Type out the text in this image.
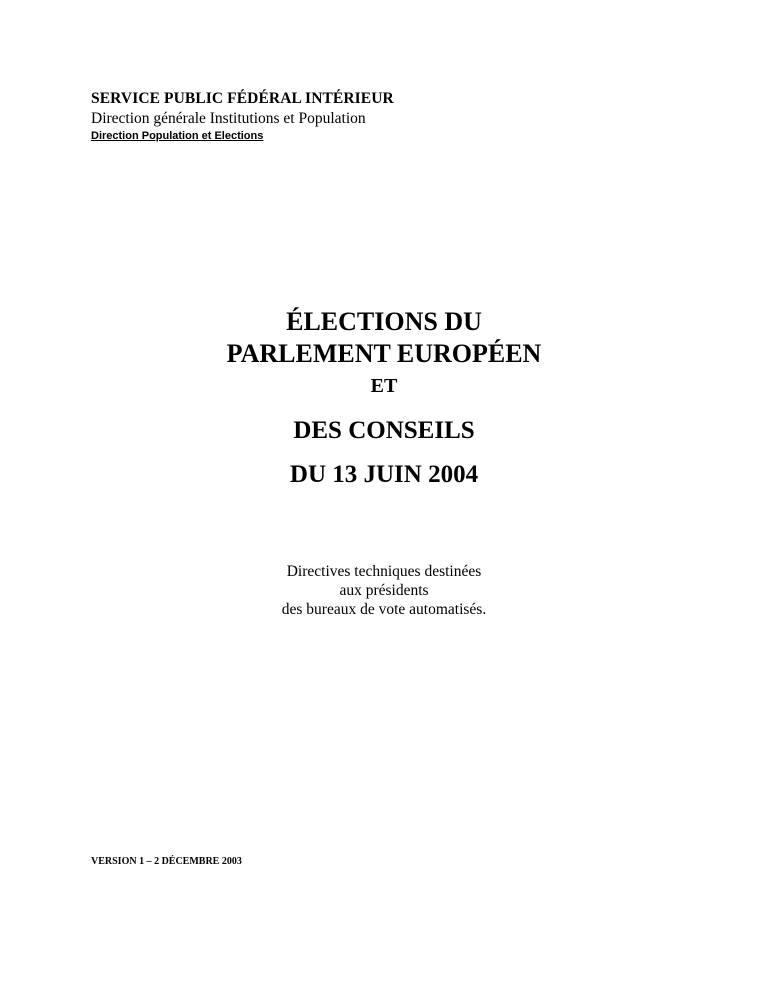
SERVICE PUBLIC FÉDÉRAL INTÉRIEUR
Direction générale Institutions et Population
Direction Population et Elections
ÉLECTIONS DU
PARLEMENT EUROPÉEN
ET
DES CONSEILS
DU 13 JUIN 2004
Directives techniques destinées
aux présidents
des bureaux de vote automatisés.
VERSION 1 – 2 DÉCEMBRE 2003
